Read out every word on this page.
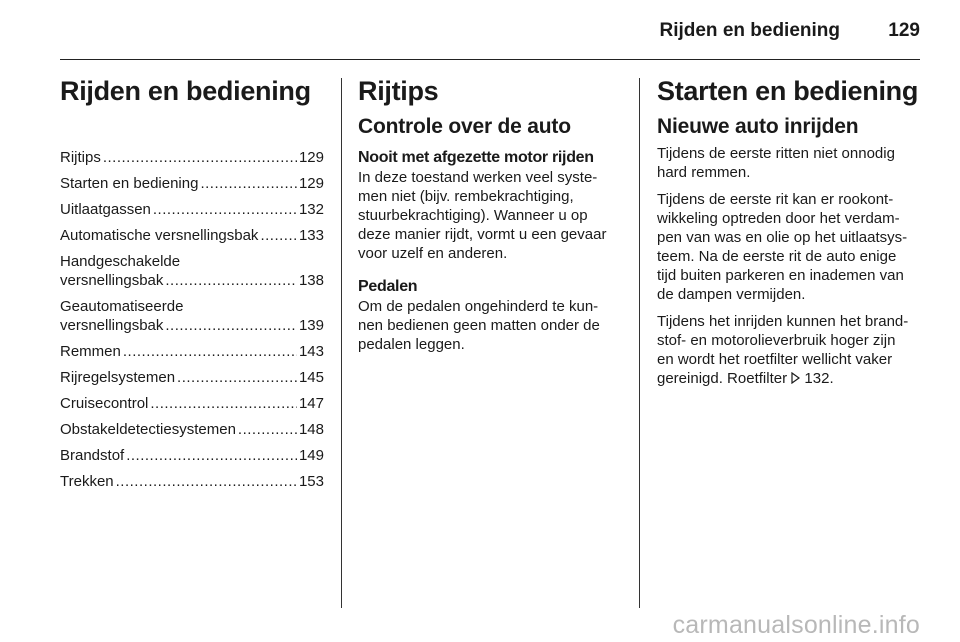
Rijden en bediening	129
Rijden en bediening
Rijtips .....	129
Starten en bediening .....	129
Uitlaatgassen .....	132
Automatische versnellingsbak .....	133
Handgeschakelde
versnellingsbak .....	138
Geautomatiseerde
versnellingsbak .....	139
Remmen .....	143
Rijregelsystemen .....	145
Cruisecontrol .....	147
Obstakeldetectiesystemen .....	148
Brandstof .....	149
Trekken .....	153
Rijtips
Controle over de auto
Nooit met afgezette motor rijden

In deze toestand werken veel syste-
men niet (bijv. rembekrachtiging,
stuurbekrachtiging). Wanneer u op
deze manier rijdt, vormt u een gevaar
voor uzelf en anderen.

Pedalen

Om de pedalen ongehinderd te kun-
nen bedienen geen matten onder de
pedalen leggen.

Starten en bediening
Nieuwe auto inrijden

Tijdens de eerste ritten niet onnodig
hard remmen.

Tijdens de eerste rit kan er rookont-
wikkeling optreden door het verdam-
pen van was en olie op het uitlaatsys-
teem. Na de eerste rit de auto enige
tijd buiten parkeren en inademen van
de dampen vermijden.

Tijdens het inrijden kunnen het brand-
stof- en motorolieverbruik hoger zijn
en wordt het roetfilter wellicht vaker
gereinigd. Roetfilter 132.

carmanualsonline.info
